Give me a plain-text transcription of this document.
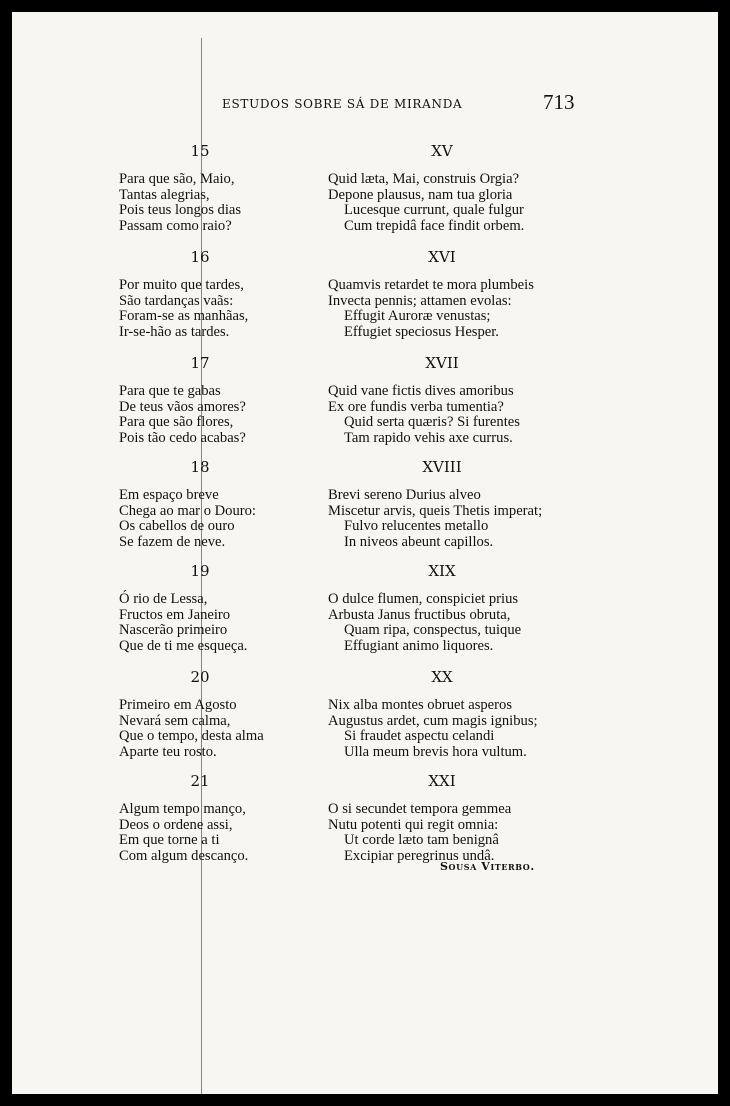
ESTUDOS SOBRE SÁ DE MIRANDA	713
15
Para que são, Maio,
Tantas alegrias,
Pois teus longos dias
Passam como raio?
16
Por muito que tardes,
São tardanças vaãs:
Foram-se as manhãas,
Ir-se-hão as tardes.
17
Para que te gabas
De teus vãos amores?
Para que são flores,
Pois tão cedo acabas?
18
Em espaço breve
Chega ao mar o Douro:
Os cabellos de ouro
Se fazem de neve.
19
Ó rio de Lessa,
Fructos em Janeiro
Nascerão primeiro
Que de ti me esqueça.
20
Primeiro em Agosto
Nevará sem calma,
Que o tempo, desta alma
Aparte teu rosto.
21
Algum tempo manço,
Deos o ordene assi,
Em que torne a ti
Com algum descanço.
XV
Quid læta, Mai, construis Orgia?
Depone plausus, nam tua gloria
Lucesque currunt, quale fulgur
Cum trepidâ face findit orbem.
XVI
Quamvis retardet te mora plumbeis
Invecta pennis; attamen evolas:
Effugit Auroræ venustas;
Effugiet speciosus Hesper.
XVII
Quid vane fictis dives amoribus
Ex ore fundis verba tumentia?
Quid serta quæris? Si furentes
Tam rapido vehis axe currus.
XVIII
Brevi sereno Durius alveo
Miscetur arvis, queis Thetis imperat;
Fulvo relucentes metallo
In niveos abeunt capillos.
XIX
O dulce flumen, conspiciet prius
Arbusta Janus fructibus obruta,
Quam ripa, conspectus, tuique
Effugiant animo liquores.
XX
Nix alba montes obruet asperos
Augustus ardet, cum magis ignibus;
Si fraudet aspectu celandi
Ulla meum brevis hora vultum.
XXI
O si secundet tempora gemmea
Nutu potenti qui regit omnia:
Ut corde læto tam benignâ
Excipiar peregrinus undâ.
Sousa Viterbo.
